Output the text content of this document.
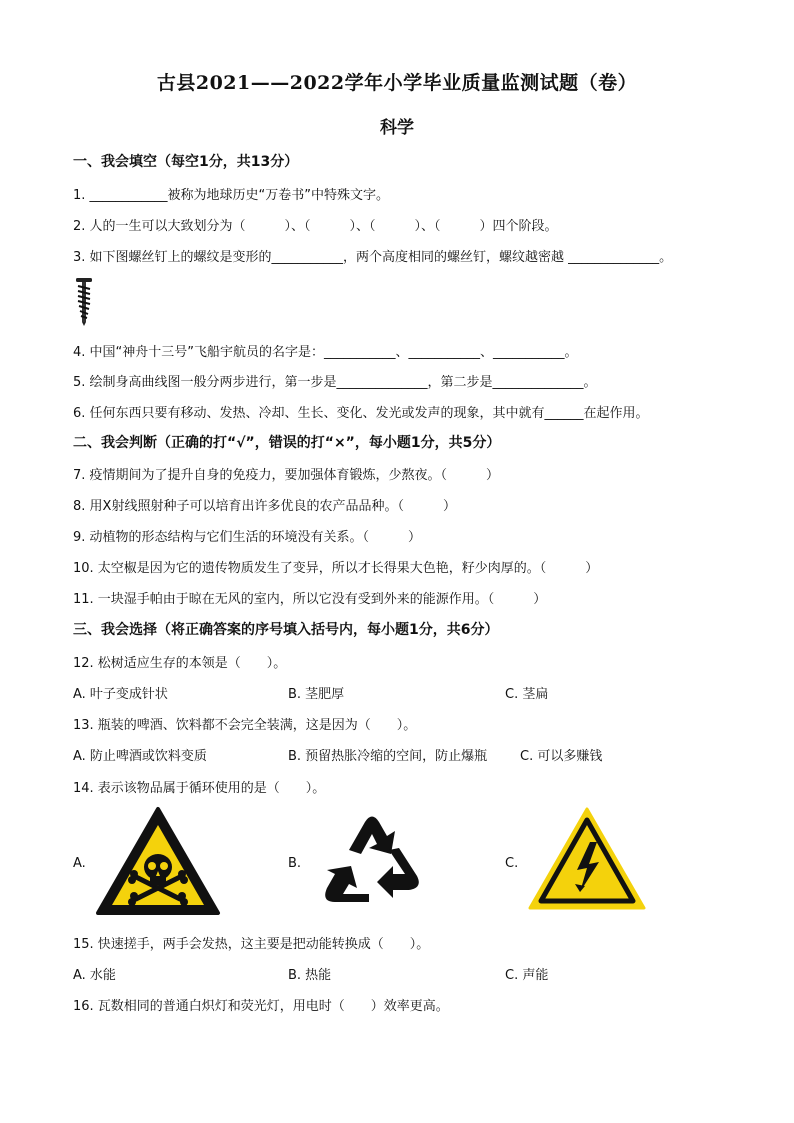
古县2021——2022学年小学毕业质量监测试题（卷）
科学
一、我会填空（每空1分，共13分）
1. ____________被称为地球历史“万卷书”中特殊文字。
2. 人的一生可以大致划分为（　　　）、（　　　）、（　　　）、（　　　）四个阶段。
3. 如下图螺丝钉上的螺纹是变形的___________，两个高度相同的螺丝钉，螺纹越密越 ______________。
4. 中国“神舟十三号”飞船宇航员的名字是：___________、___________、___________。
5. 绘制身高曲线图一般分两步进行，第一步是______________，第二步是______________。
6. 任何东西只要有移动、发热、冷却、生长、变化、发光或发声的现象，其中就有______在起作用。
二、我会判断（正确的打“√”，错误的打“×”，每小题1分，共5分）
7. 疫情期间为了提升自身的免疫力，要加强体育锻炼，少熬夜。（　　　）
8. 用X射线照射种子可以培育出许多优良的农产品品种。（　　　）
9. 动植物的形态结构与它们生活的环境没有关系。（　　　）
10. 太空椒是因为它的遗传物质发生了变异，所以才长得果大色艳，籽少肉厚的。（　　　）
11. 一块湿手帕由于晾在无风的室内，所以它没有受到外来的能源作用。（　　　）
三、我会选择（将正确答案的序号填入括号内，每小题1分，共6分）
12. 松树适应生存的本领是（　　）。
A. 叶子变成针状	B. 茎肥厚	C. 茎扁
13. 瓶装的啤酒、饮料都不会完全装满，这是因为（　　）。
A. 防止啤酒或饮料变质	B. 预留热胀冷缩的空间，防止爆瓶	C. 可以多赚钱
14. 表示该物品属于循环使用的是（　　）。
A.	B.	C.
15. 快速搓手，两手会发热，这主要是把动能转换成（　　）。
A. 水能	B. 热能	C. 声能
16. 瓦数相同的普通白炽灯和荧光灯，用电时（　　）效率更高。
